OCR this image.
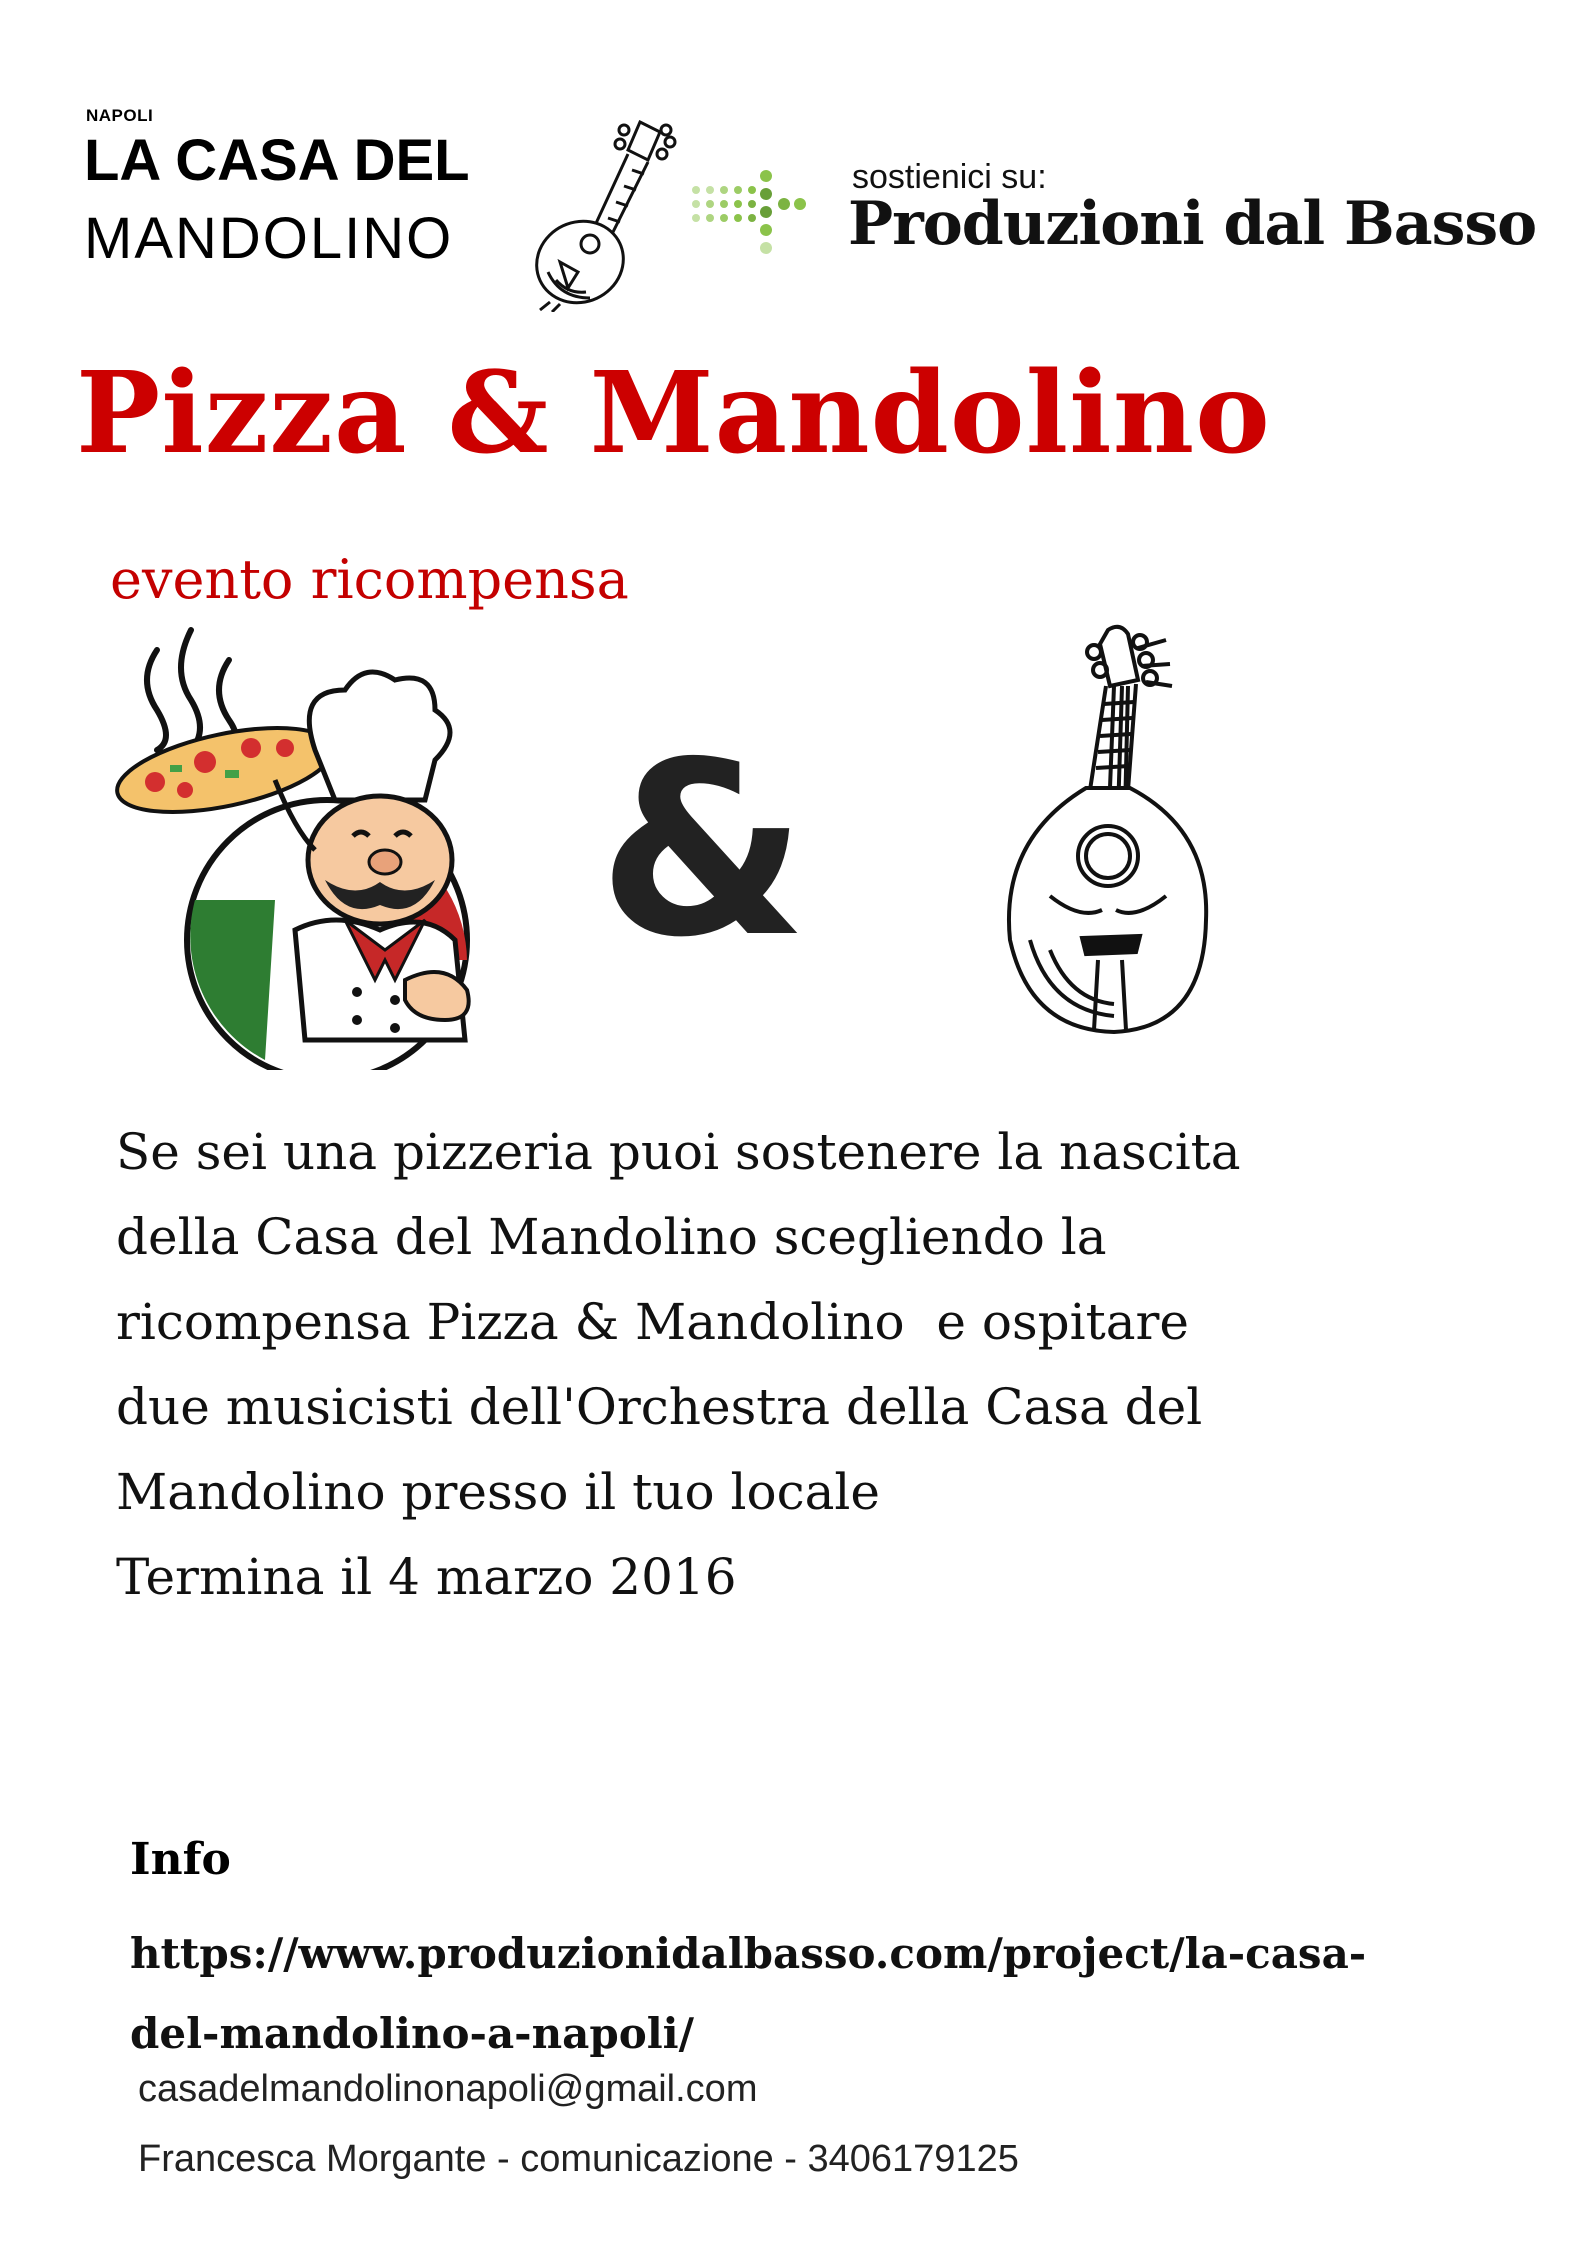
NAPOLI
LA CASA DEL
MANDOLINO
sostienici su:
Produzioni dal Basso
Pizza & Mandolino
evento ricompensa
&
Se sei una pizzeria puoi sostenere la nascita
della Casa del Mandolino scegliendo la
ricompensa Pizza & Mandolino  e ospitare
due musicisti dell'Orchestra della Casa del
Mandolino presso il tuo locale
Termina il 4 marzo 2016
Info
https://www.produzionidalbasso.com/project/la-casa-
del-mandolino-a-napoli/
casadelmandolinonapoli@gmail.com
Francesca Morgante - comunicazione - 3406179125
